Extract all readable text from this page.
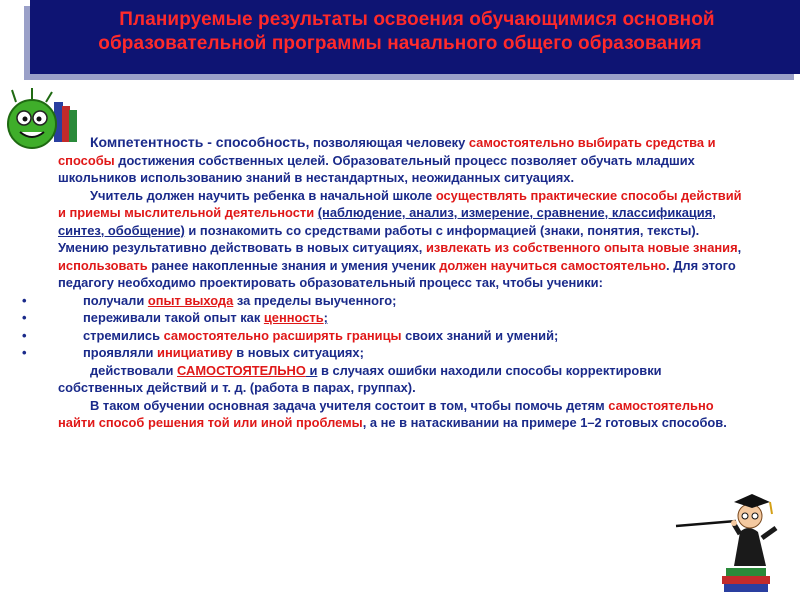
Планируемые результаты освоения обучающимися основной
образовательной программы начального общего образования

Компетентность - способность, позволяющая человеку самостоятельно выбирать средства и способы достижения собственных целей. Образовательный процесс позволяет обучать младших школьников использованию знаний в нестандартных, неожиданных ситуациях.

Учитель должен научить ребенка в начальной школе осуществлять практические способы действий и приемы мыслительной деятельности (наблюдение, анализ, измерение, сравнение, классификация, синтез, обобщение) и познакомить со средствами работы с информацией (знаки, понятия, тексты). Умению результативно действовать в новых ситуациях, извлекать из собственного опыта новые знания, использовать ранее накопленные знания и умения ученик должен научиться самостоятельно. Для этого педагогу необходимо проектировать образовательный процесс так, чтобы ученики:

•	получали опыт выхода за пределы выученного;

•	переживали такой опыт как ценность;

•	стремились самостоятельно расширять границы своих знаний и умений;

•	проявляли инициативу в новых ситуациях;

действовали САМОСТОЯТЕЛЬНО и в случаях ошибки находили способы корректировки собственных действий и т. д. (работа в парах, группах).

В таком обучении основная задача учителя состоит в том, чтобы помочь детям самостоятельно найти способ решения той или иной проблемы, а не в натаскивании на примере 1–2 готовых способов.
